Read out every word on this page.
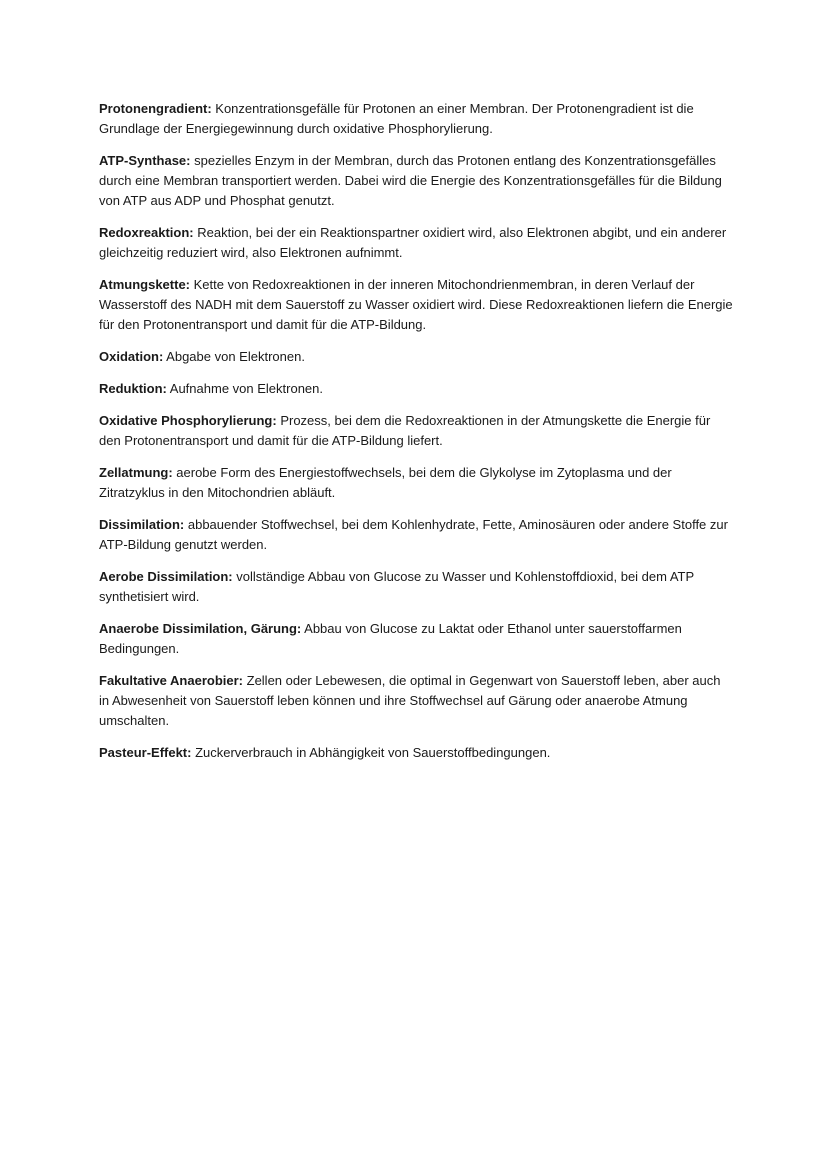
Protonengradient: Konzentrationsgefälle für Protonen an einer Membran. Der Protonengradient ist die Grundlage der Energiegewinnung durch oxidative Phosphorylierung.

ATP-Synthase: spezielles Enzym in der Membran, durch das Protonen entlang des Konzentrationsgefälles durch eine Membran transportiert werden. Dabei wird die Energie des Konzentrationsgefälles für die Bildung von ATP aus ADP und Phosphat genutzt.

Redoxreaktion: Reaktion, bei der ein Reaktionspartner oxidiert wird, also Elektronen abgibt, und ein anderer gleichzeitig reduziert wird, also Elektronen aufnimmt.

Atmungskette: Kette von Redoxreaktionen in der inneren Mitochondrienmembran, in deren Verlauf der Wasserstoff des NADH mit dem Sauerstoff zu Wasser oxidiert wird. Diese Redoxreaktionen liefern die Energie für den Protonentransport und damit für die ATP-Bildung.

Oxidation: Abgabe von Elektronen.

Reduktion: Aufnahme von Elektronen.

Oxidative Phosphorylierung: Prozess, bei dem die Redoxreaktionen in der Atmungskette die Energie für den Protonentransport und damit für die ATP-Bildung liefert.

Zellatmung: aerobe Form des Energiestoffwechsels, bei dem die Glykolyse im Zytoplasma und der Zitratzyklus in den Mitochondrien abläuft.

Dissimilation: abbauender Stoffwechsel, bei dem Kohlenhydrate, Fette, Aminosäuren oder andere Stoffe zur ATP-Bildung genutzt werden.

Aerobe Dissimilation: vollständige Abbau von Glucose zu Wasser und Kohlenstoffdioxid, bei dem ATP synthetisiert wird.

Anaerobe Dissimilation, Gärung: Abbau von Glucose zu Laktat oder Ethanol unter sauerstoffarmen Bedingungen.

Fakultative Anaerobier: Zellen oder Lebewesen, die optimal in Gegenwart von Sauerstoff leben, aber auch in Abwesenheit von Sauerstoff leben können und ihre Stoffwechsel auf Gärung oder anaerobe Atmung umschalten.

Pasteur-Effekt: Zuckerverbrauch in Abhängigkeit von Sauerstoffbedingungen.
